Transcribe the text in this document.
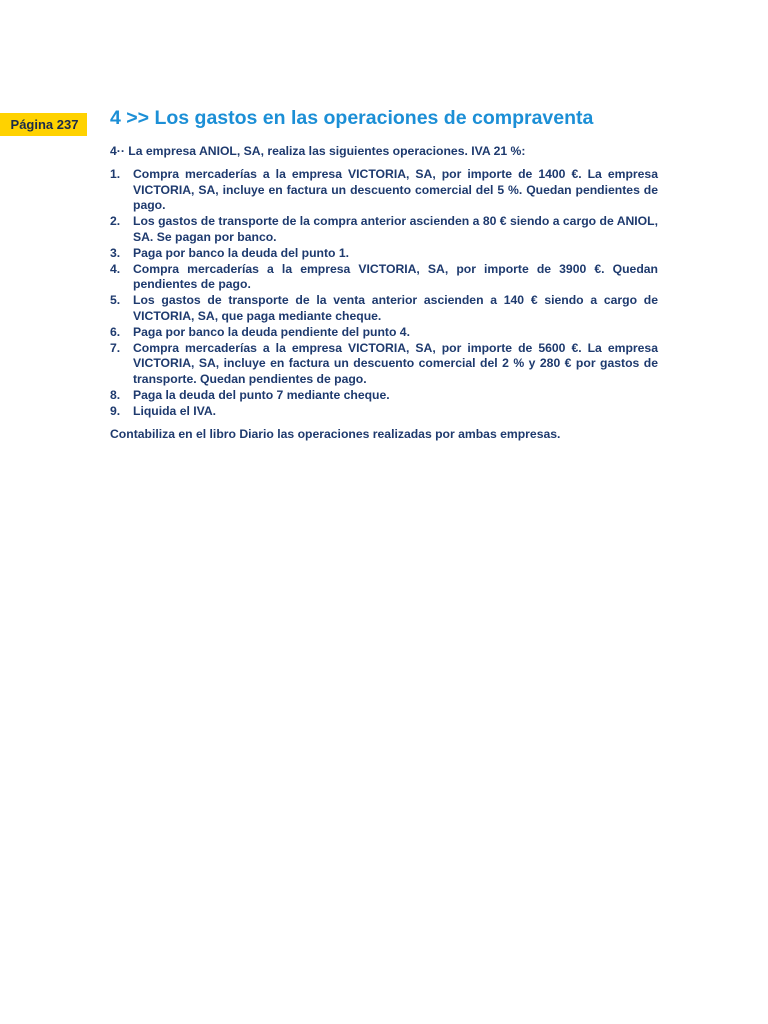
Página 237	4 >> Los gastos en las operaciones de compraventa

4·· La empresa ANIOL, SA, realiza las siguientes operaciones. IVA 21 %:

1.	Compra mercaderías a la empresa VICTORIA, SA, por importe de 1400 €. La empresa VICTORIA, SA, incluye en factura un descuento comercial del 5 %. Quedan pendientes de pago.
2.	Los gastos de transporte de la compra anterior ascienden a 80 € siendo a cargo de ANIOL, SA. Se pagan por banco.
3.	Paga por banco la deuda del punto 1.
4.	Compra mercaderías a la empresa VICTORIA, SA, por importe de 3900 €. Quedan pendientes de pago.
5.	Los gastos de transporte de la venta anterior ascienden a 140 € siendo a cargo de VICTORIA, SA, que paga mediante cheque.
6.	Paga por banco la deuda pendiente del punto 4.
7.	Compra mercaderías a la empresa VICTORIA, SA, por importe de 5600 €. La empresa VICTORIA, SA, incluye en factura un descuento comercial del 2 % y 280 € por gastos de transporte. Quedan pendientes de pago.
8.	Paga la deuda del punto 7 mediante cheque.
9.	Liquida el IVA.

Contabiliza en el libro Diario las operaciones realizadas por ambas empresas.
